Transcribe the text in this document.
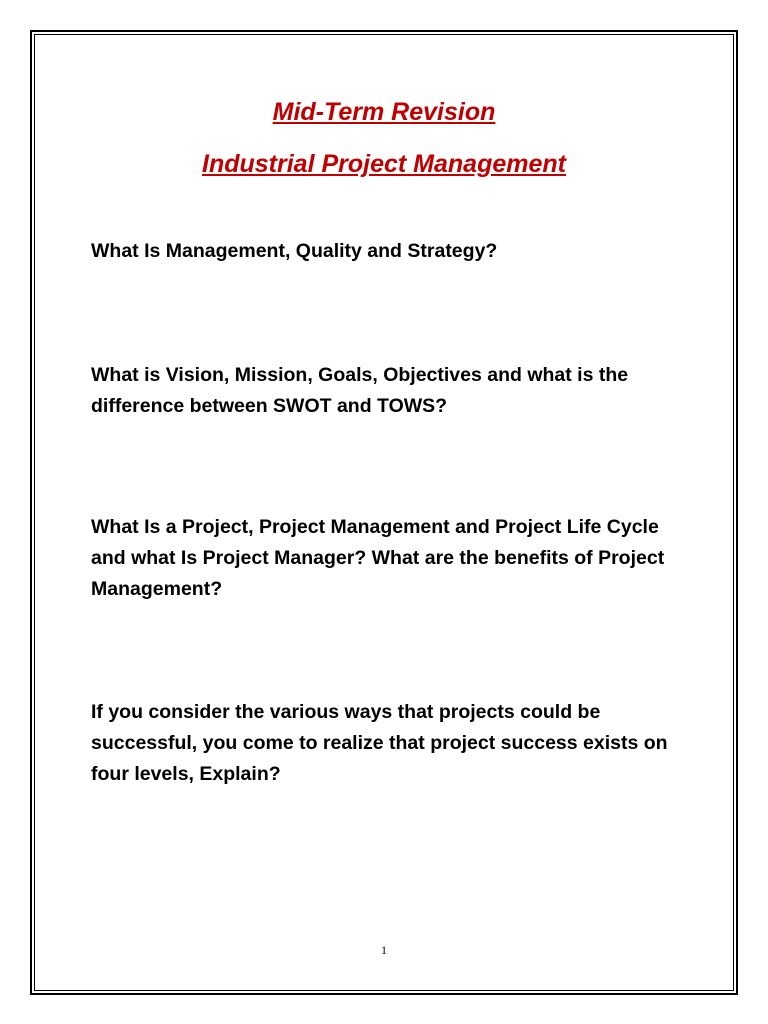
Mid-Term Revision
Industrial Project Management

What Is Management, Quality and Strategy?

What is Vision, Mission, Goals, Objectives and what is the difference between SWOT and TOWS?

What Is a Project, Project Management and Project Life Cycle and what Is Project Manager? What are the benefits of Project Management?

If you consider the various ways that projects could be successful, you come to realize that project success exists on four levels, Explain?

1
